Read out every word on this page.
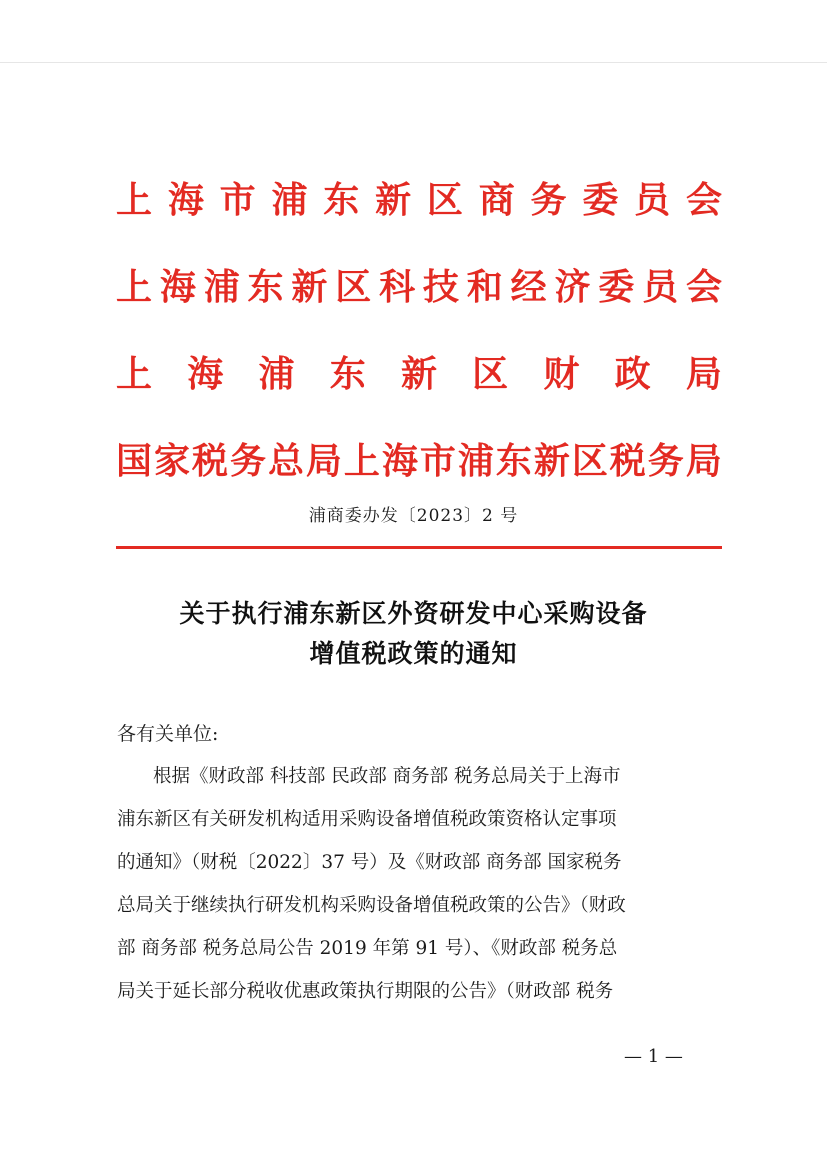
上 海 市 浦 东 新 区 商 务 委 员 会
上 海 浦 东 新 区 科 技 和 经 济 委 员 会
上 海 浦 东 新 区 财 政 局
国 家 税 务 总 局 上 海 市 浦 东 新 区 税 务 局
浦商委办发〔2023〕2 号
关于执行浦东新区外资研发中心采购设备
增值税政策的通知
各有关单位:
根据《财政部 科技部 民政部 商务部 税务总局关于上海市
浦东新区有关研发机构适用采购设备增值税政策资格认定事项
的通知》（财税〔2022〕37 号）及《财政部 商务部 国家税务
总局关于继续执行研发机构采购设备增值税政策的公告》（财政
部 商务部 税务总局公告 2019 年第 91 号）、《财政部 税务总
局关于延长部分税收优惠政策执行期限的公告》（财政部 税务
— 1 —
